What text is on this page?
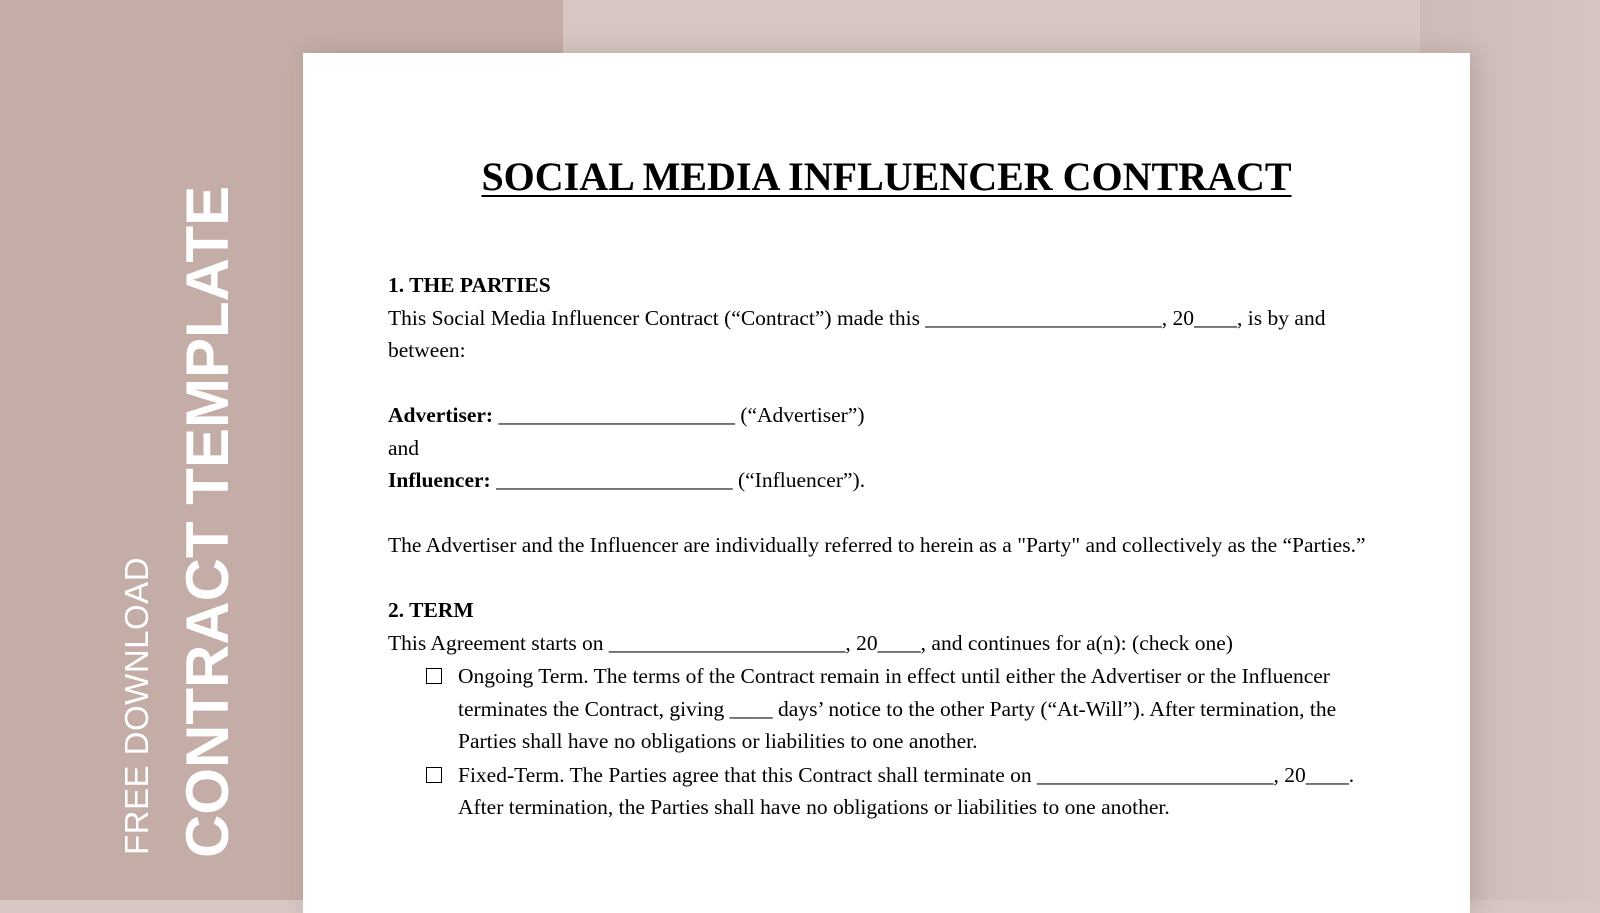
FREE DOWNLOAD CONTRACT TEMPLATE
SOCIAL MEDIA INFLUENCER CONTRACT

1. THE PARTIES

This Social Media Influencer Contract (“Contract”) made this ______________________, 20____, is by and between:

Advertiser: ______________________ (“Advertiser”)

and

Influencer: ______________________ (“Influencer”).

The Advertiser and the Influencer are individually referred to herein as a "Party" and collectively as the “Parties.”

2. TERM

This Agreement starts on ______________________, 20____, and continues for a(n): (check one)

Ongoing Term. The terms of the Contract remain in effect until either the Advertiser or the Influencer terminates the Contract, giving ____ days’ notice to the other Party (“At-Will”). After termination, the Parties shall have no obligations or liabilities to one another.
Fixed-Term. The Parties agree that this Contract shall terminate on ______________________, 20____. After termination, the Parties shall have no obligations or liabilities to one another.
